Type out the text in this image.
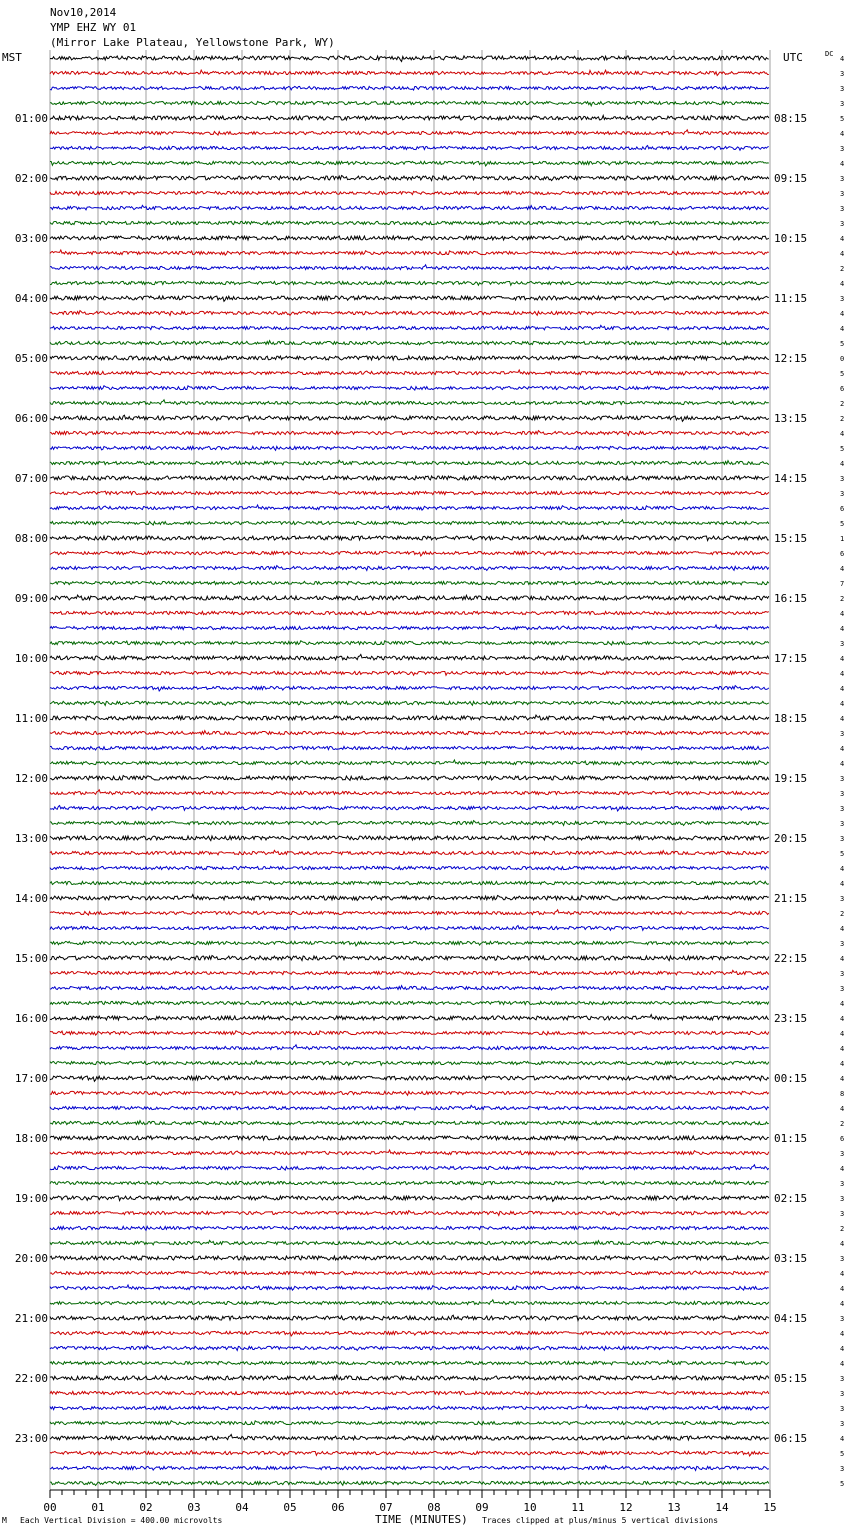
Nov10,2014
YMP EHZ WY 01
(Mirror Lake Plateau, Yellowstone Park, WY)
MST	UTC	DC
01:00
02:00
03:00
04:00
05:00
06:00
07:00
08:00
09:00
10:00
11:00
12:00
13:00
14:00
15:00
16:00
17:00
18:00
19:00
20:00
21:00
22:00
23:00
08:15
09:15
10:15
11:15
12:15
13:15
14:15
15:15
16:15
17:15
18:15
19:15
20:15
21:15
22:15
23:15
00:15
01:15
02:15
03:15
04:15
05:15
06:15
4
3
3
3
5
4
3
4
3
3
3
3
4
4
2
4
3
4
4
5
0
5
6
2
2
4
5
4
3
3
6
5
1
6
4
7
2
4
4
3
4
4
4
4
4
3
4
4
3
3
3
3
3
5
4
4
3
2
4
3
4
3
3
4
4
4
4
4
4
8
4
2
6
3
4
3
3
3
2
4
3
4
4
4
3
4
4
4
3
3
3
3
4
5
3
5
00	01	02	03	04	05	06	07	08	09	10	11	12	13	14	15
M Each Vertical Division = 400.00 microvolts	TIME (MINUTES) Traces clipped at plus/minus 5 vertical divisions
